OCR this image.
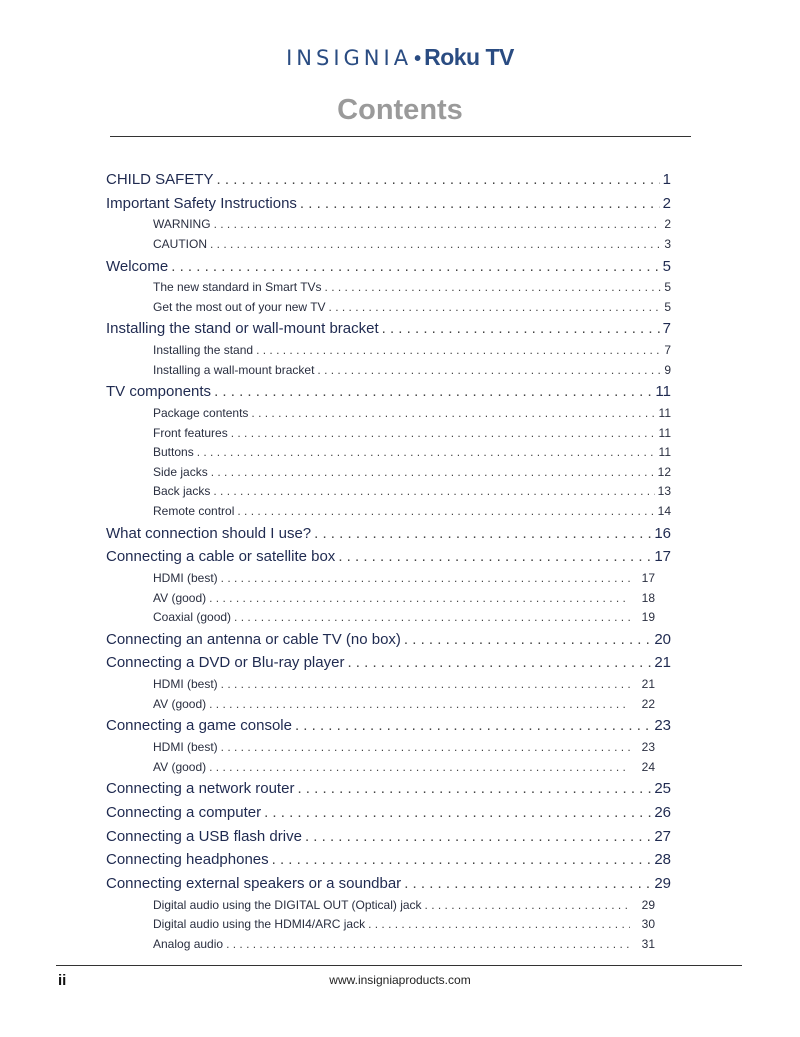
INSIGNIA • Roku TV
Contents
CHILD SAFETY . . .	1
Important Safety Instructions . . .	2
WARNING . . .	2
CAUTION . . .	3
Welcome . . .	5
The new standard in Smart TVs . . .	5
Get the most out of your new TV . . .	5
Installing the stand or wall-mount bracket . . .	7
Installing the stand . . .	7
Installing a wall-mount bracket . . .	9
TV components . . .	11
Package contents . . .	11
Front features . . .	11
Buttons . . .	11
Side jacks . . .	12
Back jacks . . .	13
Remote control . . .	14
What connection should I use? . . .	16
Connecting a cable or satellite box . . .	17
HDMI (best) . . .	17
AV (good) . . .	18
Coaxial (good) . . .	19
Connecting an antenna or cable TV (no box) . . .	20
Connecting a DVD or Blu-ray player . . .	21
HDMI (best) . . .	21
AV (good) . . .	22
Connecting a game console . . .	23
HDMI (best) . . .	23
AV (good) . . .	24
Connecting a network router . . .	25
Connecting a computer . . .	26
Connecting a USB flash drive . . .	27
Connecting headphones . . .	28
Connecting external speakers or a soundbar . . .	29
Digital audio using the DIGITAL OUT (Optical) jack . . .	29
Digital audio using the HDMI4/ARC jack . . .	30
Analog audio . . .	31
ii	www.insigniaproducts.com
